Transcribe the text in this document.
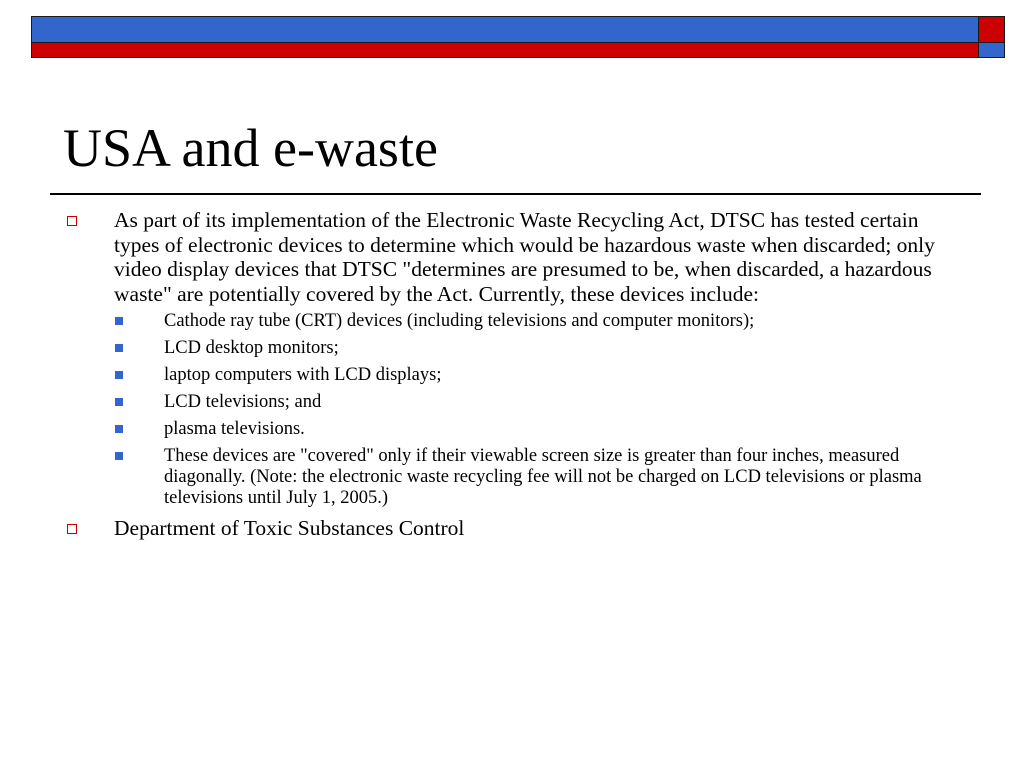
USA and e-waste
As part of its implementation of the Electronic Waste Recycling Act, DTSC has tested certain types of electronic devices to determine which would be hazardous waste when discarded; only video display devices that DTSC "determines are presumed to be, when discarded, a hazardous waste" are potentially covered by the Act. Currently, these devices include:
Cathode ray tube (CRT) devices (including televisions and computer monitors);
LCD desktop monitors;
laptop computers with LCD displays;
LCD televisions; and
plasma televisions.
These devices are "covered" only if their viewable screen size is greater than four inches, measured diagonally. (Note: the electronic waste recycling fee will not be charged on LCD televisions or plasma televisions until July 1, 2005.)
Department of Toxic Substances Control
